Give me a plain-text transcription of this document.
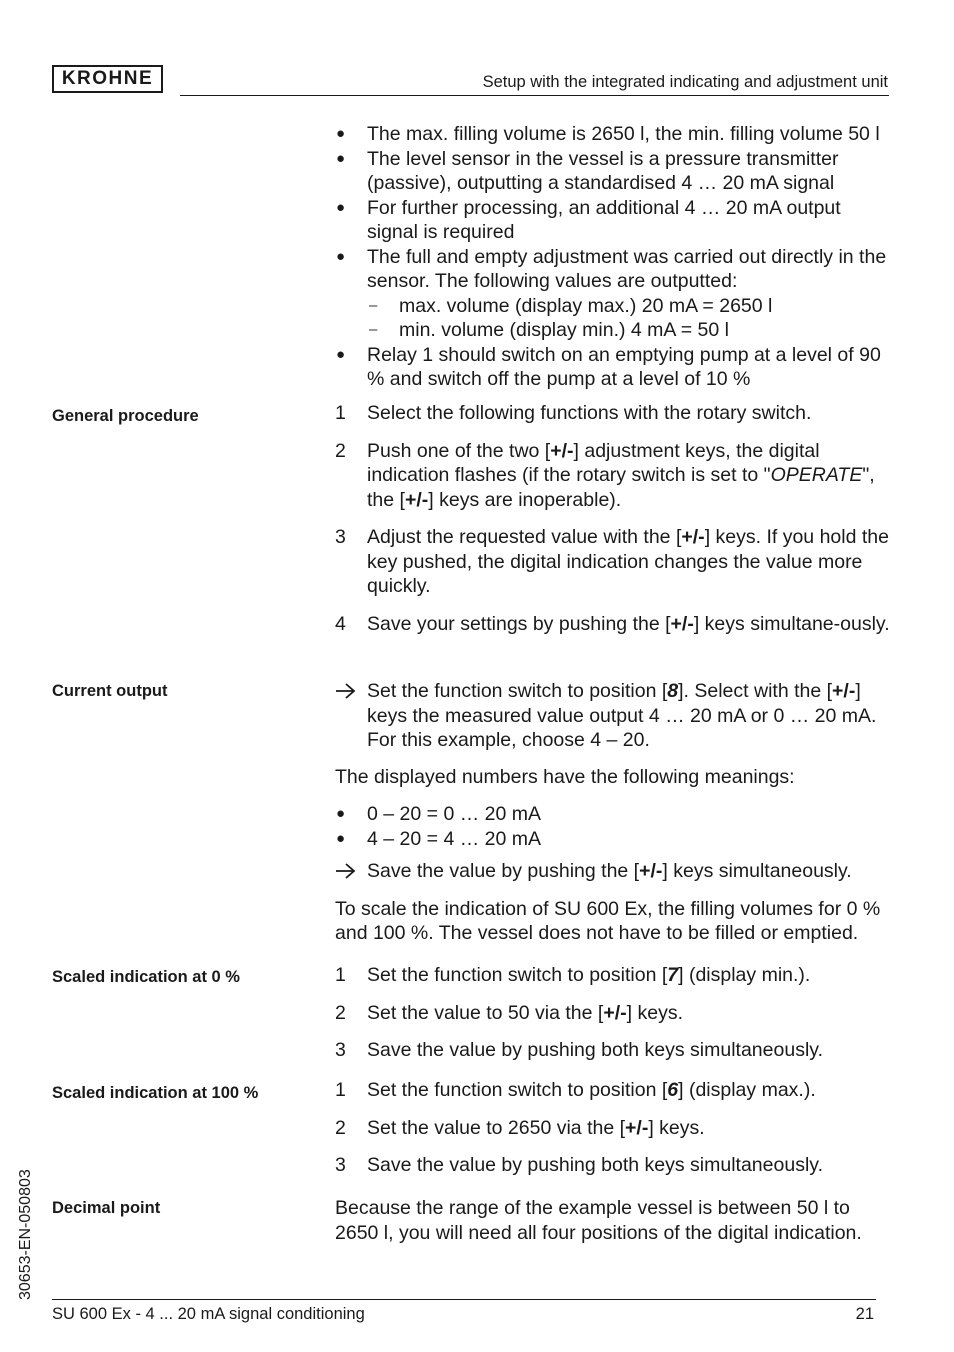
KROHNE	Setup with the integrated indicating and adjustment unit
● The max. filling volume is 2650 l, the min. filling volume 50 l
● The level sensor in the vessel is a pressure transmitter (passive), outputting a standardised 4 … 20 mA signal
● For further processing, an additional 4 … 20 mA output signal is required
● The full and empty adjustment was carried out directly in the sensor. The following values are outputted:
– max. volume (display max.) 20 mA = 2650 l
– min. volume (display min.) 4 mA = 50 l
● Relay 1 should switch on an emptying pump at a level of 90 % and switch off the pump at a level of 10 %
General procedure	1 Select the following functions with the rotary switch.
2 Push one of the two [+/-] adjustment keys, the digital indication flashes (if the rotary switch is set to "OPERATE", the [+/-] keys are inoperable).
3 Adjust the requested value with the [+/-] keys. If you hold the key pushed, the digital indication changes the value more quickly.
4 Save your settings by pushing the [+/-] keys simultane-ously.
Current output	Set the function switch to position [8]. Select with the [+/-] keys the measured value output 4 … 20 mA or 0 … 20 mA. For this example, choose 4 – 20.

The displayed numbers have the following meanings:

● 0 – 20 = 0 … 20 mA
● 4 – 20 = 4 … 20 mA
Save the value by pushing the [+/-] keys simultaneously.

To scale the indication of SU 600 Ex, the filling volumes for 0 % and 100 %. The vessel does not have to be filled or emptied.

Scaled indication at 0 %	1 Set the function switch to position [7] (display min.).
2 Set the value to 50 via the [+/-] keys.
3 Save the value by pushing both keys simultaneously.
Scaled indication at 100 %	1 Set the function switch to position [6] (display max.).
2 Set the value to 2650 via the [+/-] keys.
3 Save the value by pushing both keys simultaneously.
Decimal point	Because the range of the example vessel is between 50 l to 2650 l, you will need all four positions of the digital indication.

30653-EN-050803
SU 600 Ex - 4 ... 20 mA signal conditioning	21
